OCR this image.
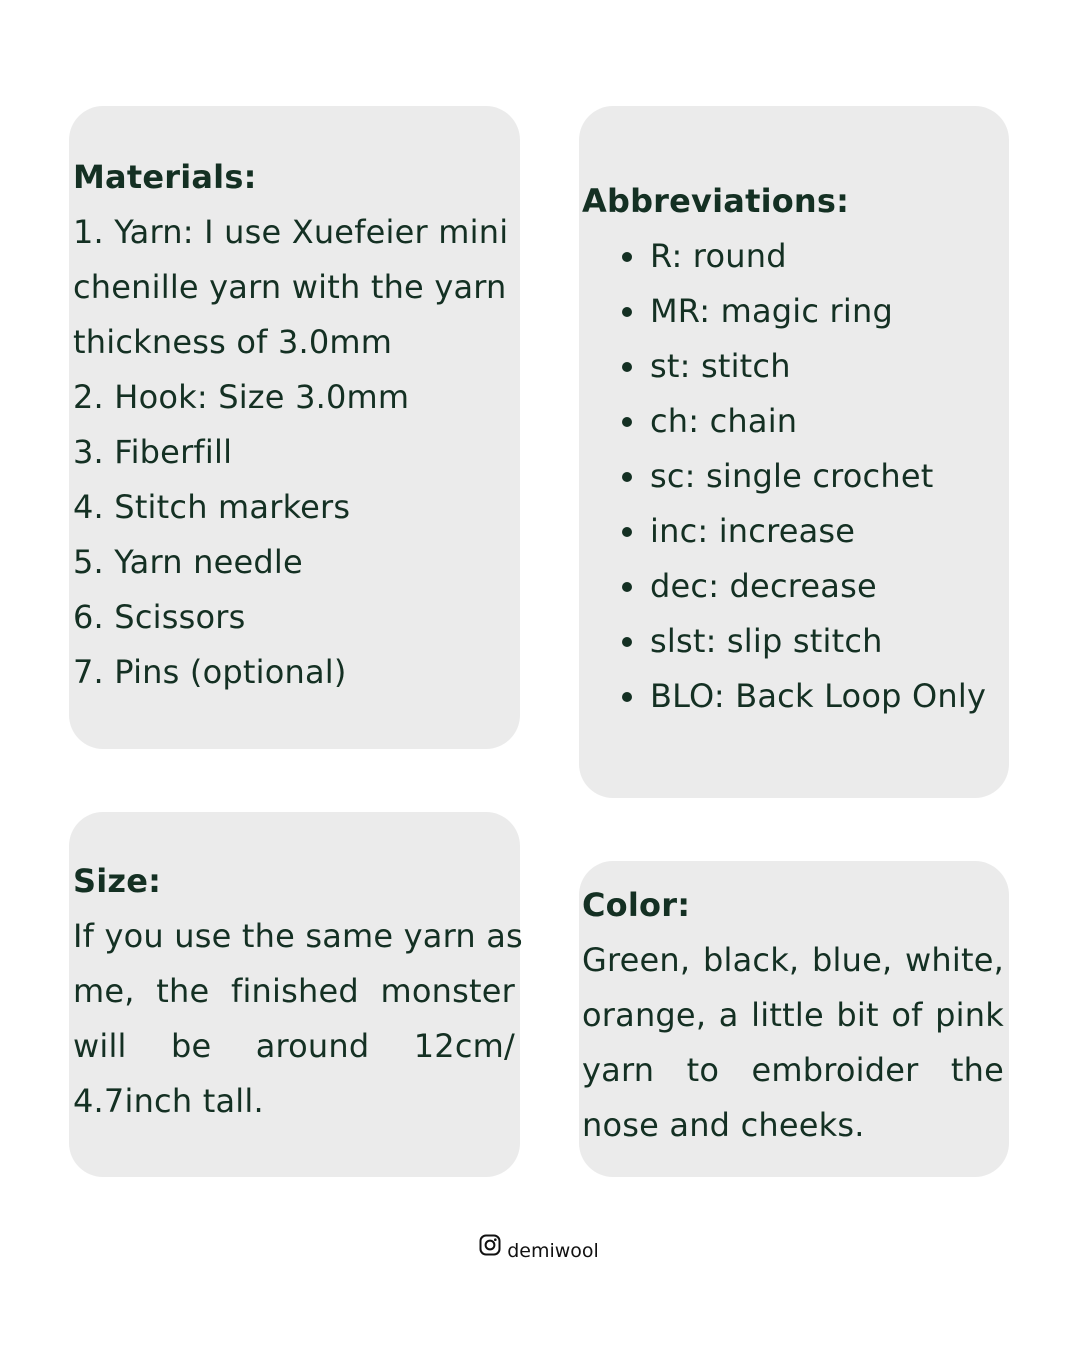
Materials:
1. Yarn: I use Xuefeier mini
chenille yarn with the yarn
thickness of 3.0mm
2. Hook: Size 3.0mm
3. Fiberfill
4. Stitch markers
5. Yarn needle
6. Scissors
7. Pins (optional)
Abbreviations:
R: round
MR: magic ring
st: stitch
ch: chain
sc: single crochet
inc: increase
dec: decrease
slst: slip stitch
BLO: Back Loop Only
Size:
If you use the same yarn as
me, the finished monster
will be around 12cm/
4.7inch tall.
Color:
Green, black, blue, white,
orange, a little bit of pink
yarn to embroider the
nose and cheeks.
demiwool
